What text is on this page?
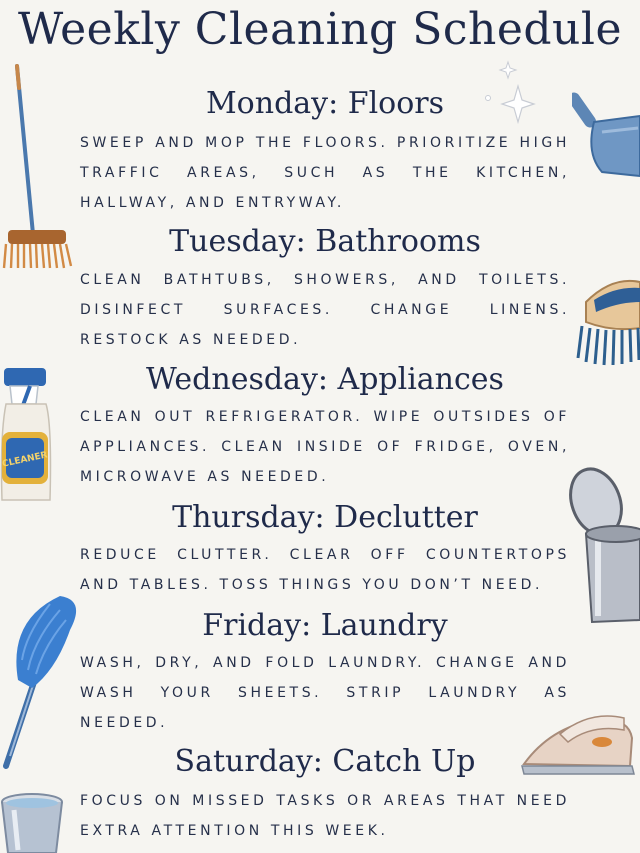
Weekly Cleaning Schedule
Monday: Floors
SWEEP AND MOP THE FLOORS. PRIORITIZE HIGH TRAFFIC AREAS, SUCH AS THE KITCHEN, HALLWAY, AND ENTRYWAY.
Tuesday: Bathrooms
CLEAN BATHTUBS, SHOWERS, AND TOILETS. DISINFECT SURFACES. CHANGE LINENS. RESTOCK AS NEEDED.
Wednesday: Appliances
CLEAN OUT REFRIGERATOR. WIPE OUTSIDES OF APPLIANCES. CLEAN INSIDE OF FRIDGE, OVEN, MICROWAVE AS NEEDED.
Thursday: Declutter
REDUCE CLUTTER. CLEAR OFF COUNTERTOPS AND TABLES. TOSS THINGS YOU DON’T NEED.
Friday: Laundry
WASH, DRY, AND FOLD LAUNDRY. CHANGE AND WASH YOUR SHEETS. STRIP LAUNDRY AS NEEDED.
Saturday: Catch Up
FOCUS ON MISSED TASKS OR AREAS THAT NEED EXTRA ATTENTION THIS WEEK.
CLEANER
